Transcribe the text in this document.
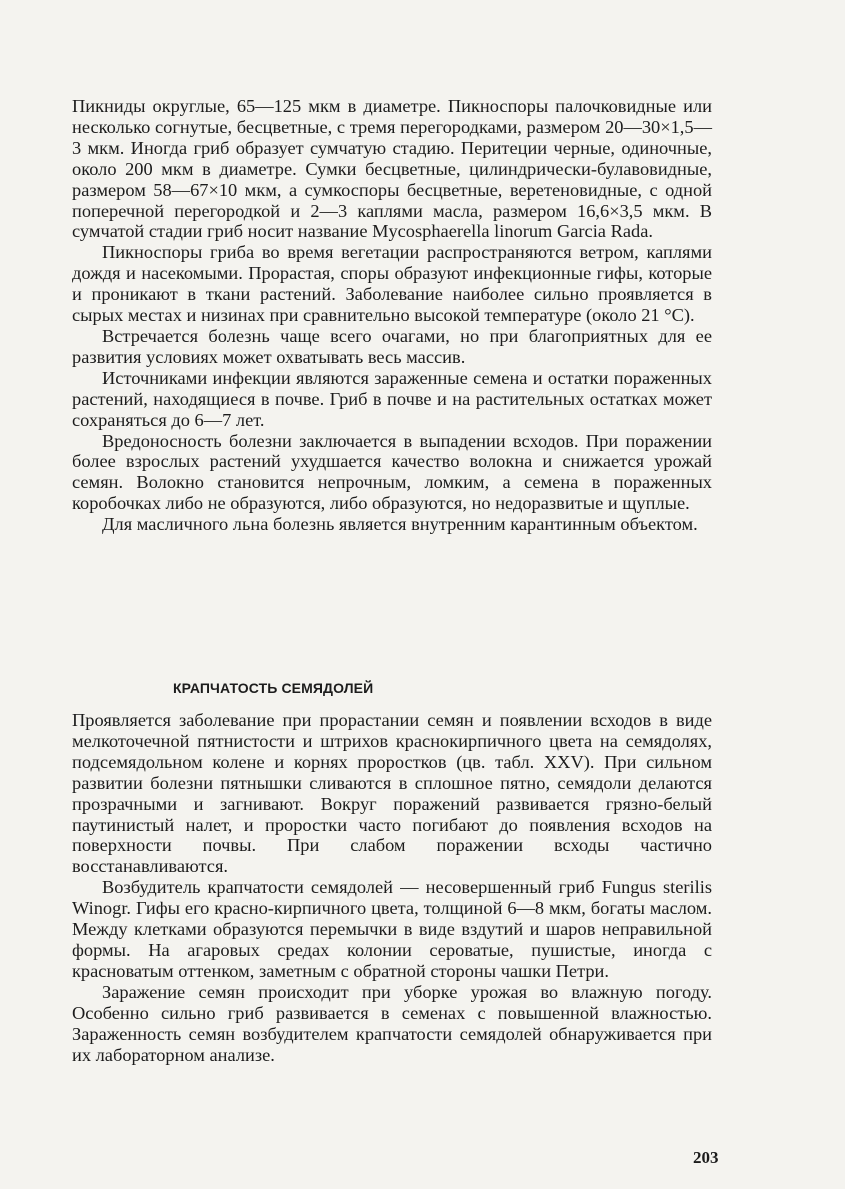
Пикниды округлые, 65—125 мкм в диаметре. Пикноспоры палочковидные или несколько согнутые, бесцветные, с тремя перегородками, размером 20—30×1,5—3 мкм. Иногда гриб образует сумчатую стадию. Перитеции черные, одиночные, около 200 мкм в диаметре. Сумки бесцветные, цилиндрически-булавовидные, размером 58—67×10 мкм, а сумкоспоры бесцветные, веретеновидные, с одной поперечной перегородкой и 2—3 каплями масла, размером 16,6×3,5 мкм. В сумчатой стадии гриб носит название Mycosphaerella linorum Garcia Rada.

Пикноспоры гриба во время вегетации распространяются ветром, каплями дождя и насекомыми. Прорастая, споры образуют инфекционные гифы, которые и проникают в ткани растений. Заболевание наиболее сильно проявляется в сырых местах и низинах при сравнительно высокой температуре (около 21 °С).

Встречается болезнь чаще всего очагами, но при благоприятных для ее развития условиях может охватывать весь массив.

Источниками инфекции являются зараженные семена и остатки пораженных растений, находящиеся в почве. Гриб в почве и на растительных остатках может сохраняться до 6—7 лет.

Вредоносность болезни заключается в выпадении всходов. При поражении более взрослых растений ухудшается качество волокна и снижается урожай семян. Волокно становится непрочным, ломким, а семена в пораженных коробочках либо не образуются, либо образуются, но недоразвитые и щуплые.

Для масличного льна болезнь является внутренним карантинным объектом.

КРАПЧАТОСТЬ СЕМЯДОЛЕЙ

Проявляется заболевание при прорастании семян и появлении всходов в виде мелкоточечной пятнистости и штрихов краснокирпичного цвета на семядолях, подсемядольном колене и корнях проростков (цв. табл. XXV). При сильном развитии болезни пятнышки сливаются в сплошное пятно, семядоли делаются прозрачными и загнивают. Вокруг поражений развивается грязно-белый паутинистый налет, и проростки часто погибают до появления всходов на поверхности почвы. При слабом поражении всходы частично восстанавливаются.

Возбудитель крапчатости семядолей — несовершенный гриб Fungus sterilis Winogr. Гифы его красно-кирпичного цвета, толщиной 6—8 мкм, богаты маслом. Между клетками образуются перемычки в виде вздутий и шаров неправильной формы. На агаровых средах колонии сероватые, пушистые, иногда с красноватым оттенком, заметным с обратной стороны чашки Петри.

Заражение семян происходит при уборке урожая во влажную погоду. Особенно сильно гриб развивается в семенах с повышенной влажностью. Зараженность семян возбудителем крапчатости семядолей обнаруживается при их лабораторном анализе.

203
